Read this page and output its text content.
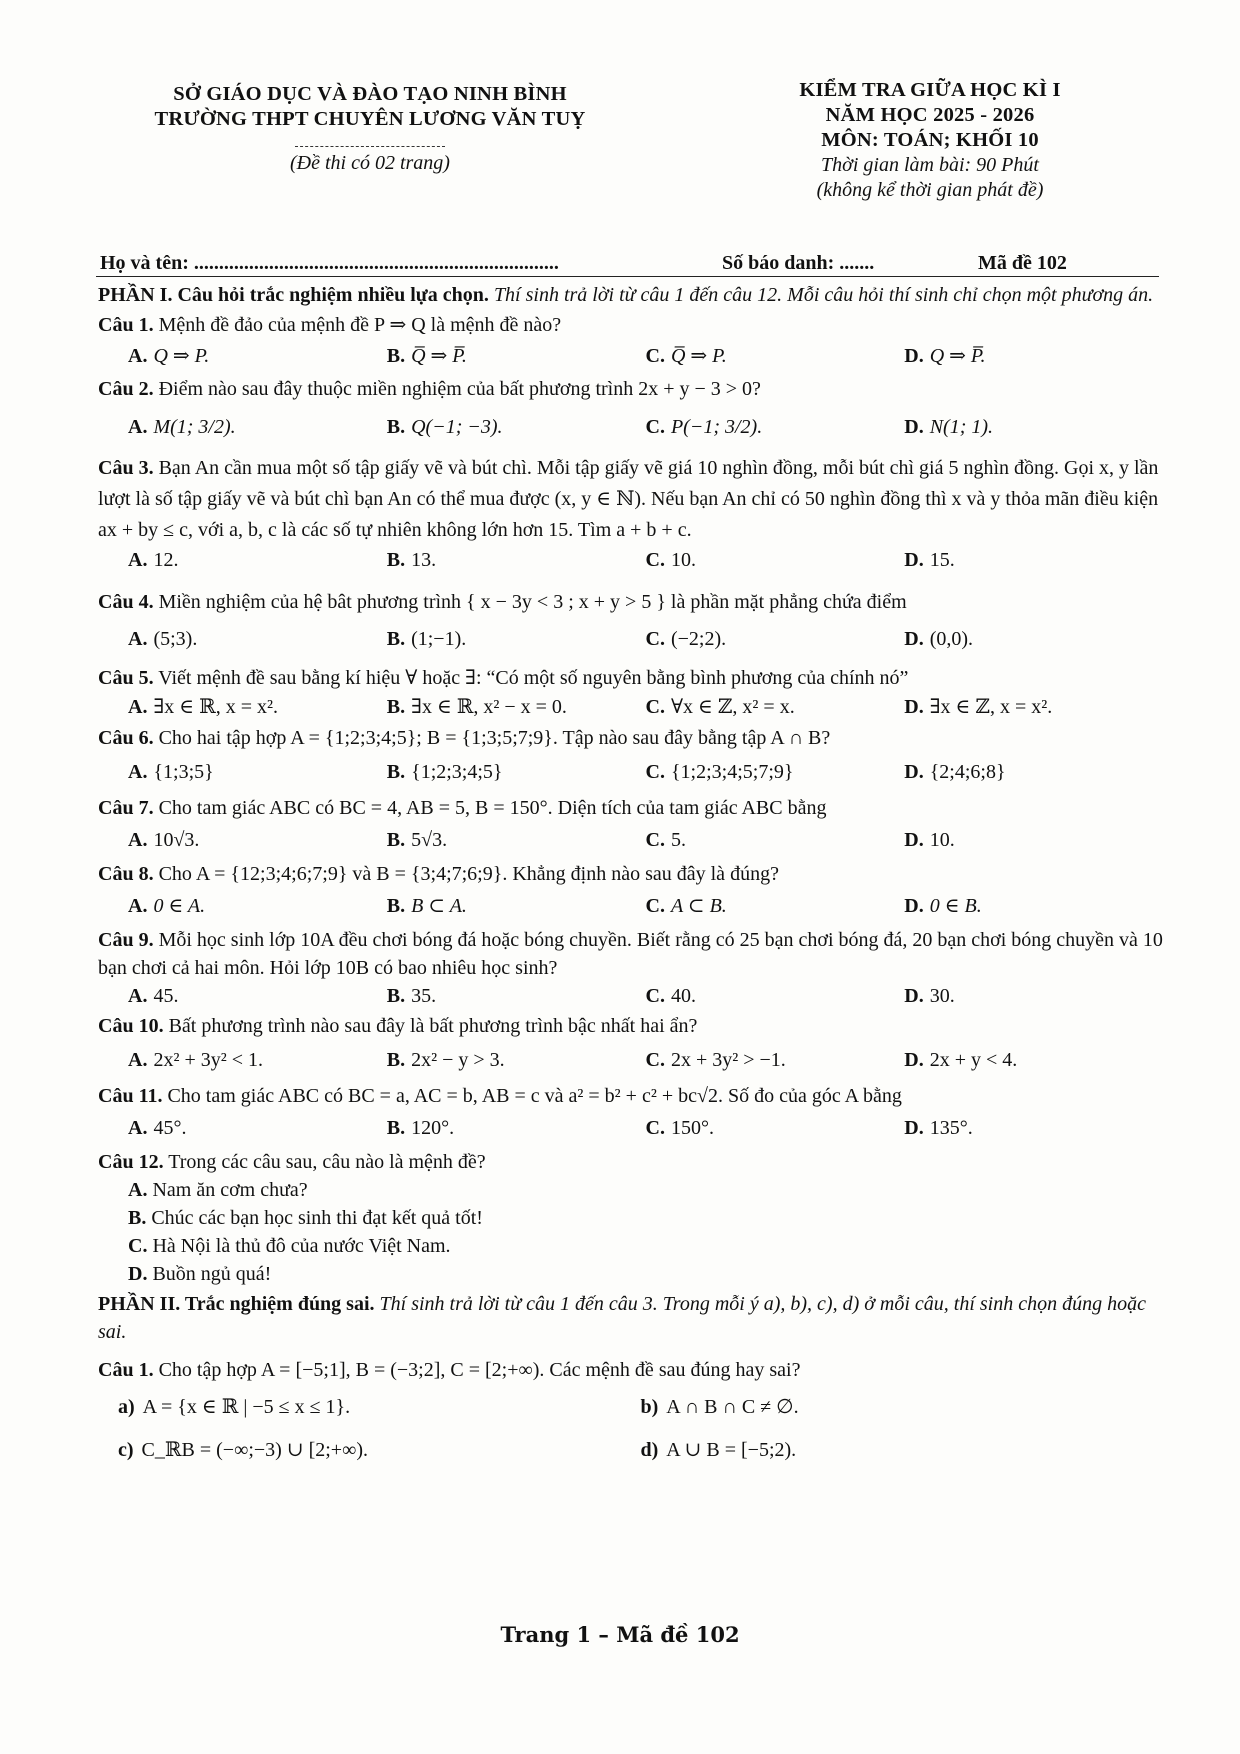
SỞ GIÁO DỤC VÀ ĐÀO TẠO NINH BÌNH
TRƯỜNG THPT CHUYÊN LƯƠNG VĂN TUỴ
(Đề thi có 02 trang)
KIỂM TRA GIỮA HỌC KÌ I
NĂM HỌC 2025 - 2026
MÔN: TOÁN; KHỐI 10
Thời gian làm bài: 90 Phút
(không kể thời gian phát đề)
Họ và tên: .........................................................................	Số báo danh: .......	Mã đề 102

PHẦN I. Câu hỏi trắc nghiệm nhiều lựa chọn. Thí sinh trả lời từ câu 1 đến câu 12. Mỗi câu hỏi thí sinh chỉ chọn một phương án.

Câu 1. Mệnh đề đảo của mệnh đề P ⇒ Q là mệnh đề nào?
A. Q ⇒ P.	B. Q̅ ⇒ P̅.	C. Q̅ ⇒ P.	D. Q ⇒ P̅.
Câu 2. Điểm nào sau đây thuộc miền nghiệm của bất phương trình 2x + y − 3 > 0?
A. M(1; 3/2).	B. Q(−1; −3).	C. P(−1; 3/2).	D. N(1; 1).
Câu 3. Bạn An cần mua một số tập giấy vẽ và bút chì. Mỗi tập giấy vẽ giá 10 nghìn đồng, mỗi bút chì giá 5 nghìn đồng. Gọi x, y lần lượt là số tập giấy vẽ và bút chì bạn An có thể mua được (x, y ∈ ℕ). Nếu bạn An chỉ có 50 nghìn đồng thì x và y thỏa mãn điều kiện ax + by ≤ c, với a, b, c là các số tự nhiên không lớn hơn 15. Tìm a + b + c.
A. 12.	B. 13.	C. 10.	D. 15.
Câu 4. Miền nghiệm của hệ bât phương trình { x − 3y < 3 ; x + y > 5 } là phần mặt phẳng chứa điểm
A. (5;3).	B. (1;−1).	C. (−2;2).	D. (0,0).
Câu 5. Viết mệnh đề sau bằng kí hiệu ∀ hoặc ∃: “Có một số nguyên bằng bình phương của chính nó”
A. ∃x ∈ ℝ, x = x².	B. ∃x ∈ ℝ, x² − x = 0.	C. ∀x ∈ ℤ, x² = x.	D. ∃x ∈ ℤ, x = x².
Câu 6. Cho hai tập hợp A = {1;2;3;4;5}; B = {1;3;5;7;9}. Tập nào sau đây bằng tập A ∩ B?
A. {1;3;5}	B. {1;2;3;4;5}	C. {1;2;3;4;5;7;9}	D. {2;4;6;8}
Câu 7. Cho tam giác ABC có BC = 4, AB = 5, B = 150°. Diện tích của tam giác ABC bằng
A. 10√3.	B. 5√3.	C. 5.	D. 10.
Câu 8. Cho A = {12;3;4;6;7;9} và B = {3;4;7;6;9}. Khẳng định nào sau đây là đúng?
A. 0 ∈ A.	B. B ⊂ A.	C. A ⊂ B.	D. 0 ∈ B.
Câu 9. Mỗi học sinh lớp 10A đều chơi bóng đá hoặc bóng chuyền. Biết rằng có 25 bạn chơi bóng đá, 20 bạn chơi bóng chuyền và 10 bạn chơi cả hai môn. Hỏi lớp 10B có bao nhiêu học sinh?
A. 45.	B. 35.	C. 40.	D. 30.
Câu 10. Bất phương trình nào sau đây là bất phương trình bậc nhất hai ẩn?
A. 2x² + 3y² < 1.	B. 2x² − y > 3.	C. 2x + 3y² > −1.	D. 2x + y < 4.
Câu 11. Cho tam giác ABC có BC = a, AC = b, AB = c và a² = b² + c² + bc√2. Số đo của góc A bằng
A. 45°.	B. 120°.	C. 150°.	D. 135°.
Câu 12. Trong các câu sau, câu nào là mệnh đề?
A. Nam ăn cơm chưa?
B. Chúc các bạn học sinh thi đạt kết quả tốt!
C. Hà Nội là thủ đô của nước Việt Nam.
D. Buồn ngủ quá!

PHẦN II. Trắc nghiệm đúng sai. Thí sinh trả lời từ câu 1 đến câu 3. Trong mỗi ý a), b), c), d) ở mỗi câu, thí sinh chọn đúng hoặc sai.

Câu 1. Cho tập hợp A = [−5;1], B = (−3;2], C = [2;+∞). Các mệnh đề sau đúng hay sai?
a) A = {x ∈ ℝ | −5 ≤ x ≤ 1}.	b) A ∩ B ∩ C ≠ ∅.
c) C_ℝB = (−∞;−3) ∪ [2;+∞).	d) A ∪ B = [−5;2).
Trang 1 – Mã đề 102
